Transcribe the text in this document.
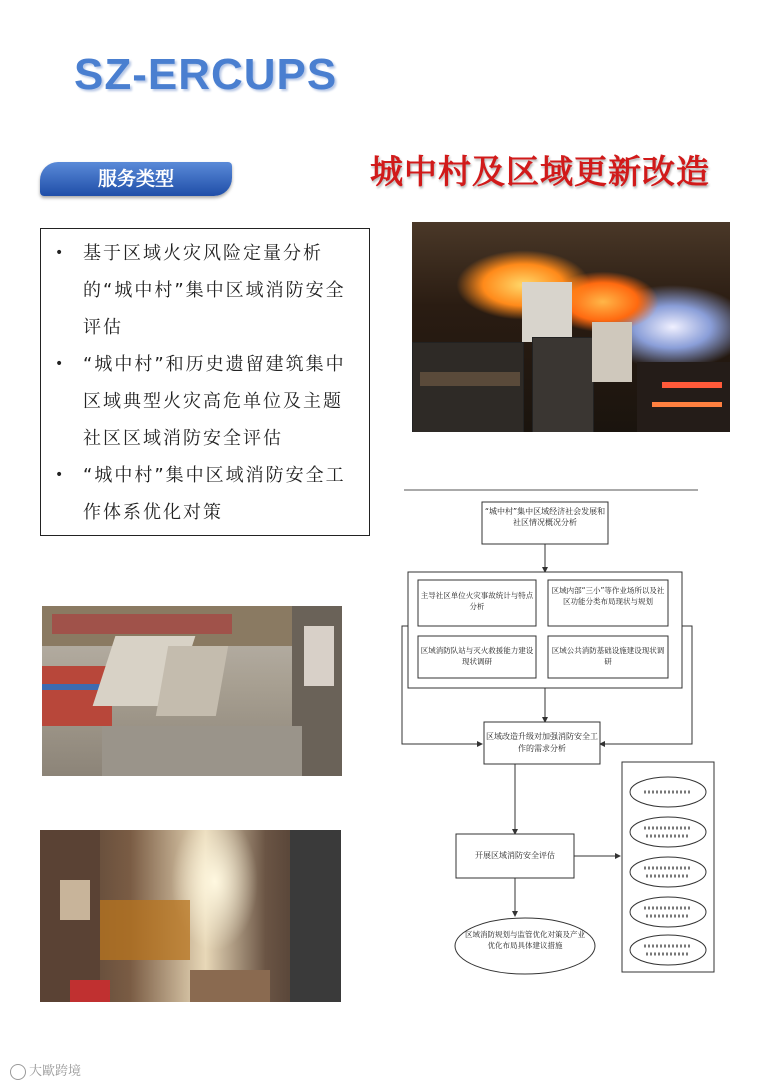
SZ-ERCUPS
服务类型	城中村及区域更新改造
• 基于区域火灾风险定量分析的“城中村”集中区域消防安全评估
• “城中村”和历史遗留建筑集中区域典型火灾高危单位及主题社区区域消防安全评估
• “城中村”集中区域消防安全工作体系优化对策	“城中村”集中区域经济社会发展和社区情况概况分析
主导社区单位火灾事故统计与特点分析
区域内部“三小”等作业场所以及社区功能分类布局现状与规划
区域消防队站与灭火救援能力建设现状调研
区域公共消防基础设施建设现状调研
区域改造升级对加强消防安全工作的需求分析
开展区域消防安全评估
区域消防规划与监管优化对策及产业优化布局具体建议措施
大歐跨境
